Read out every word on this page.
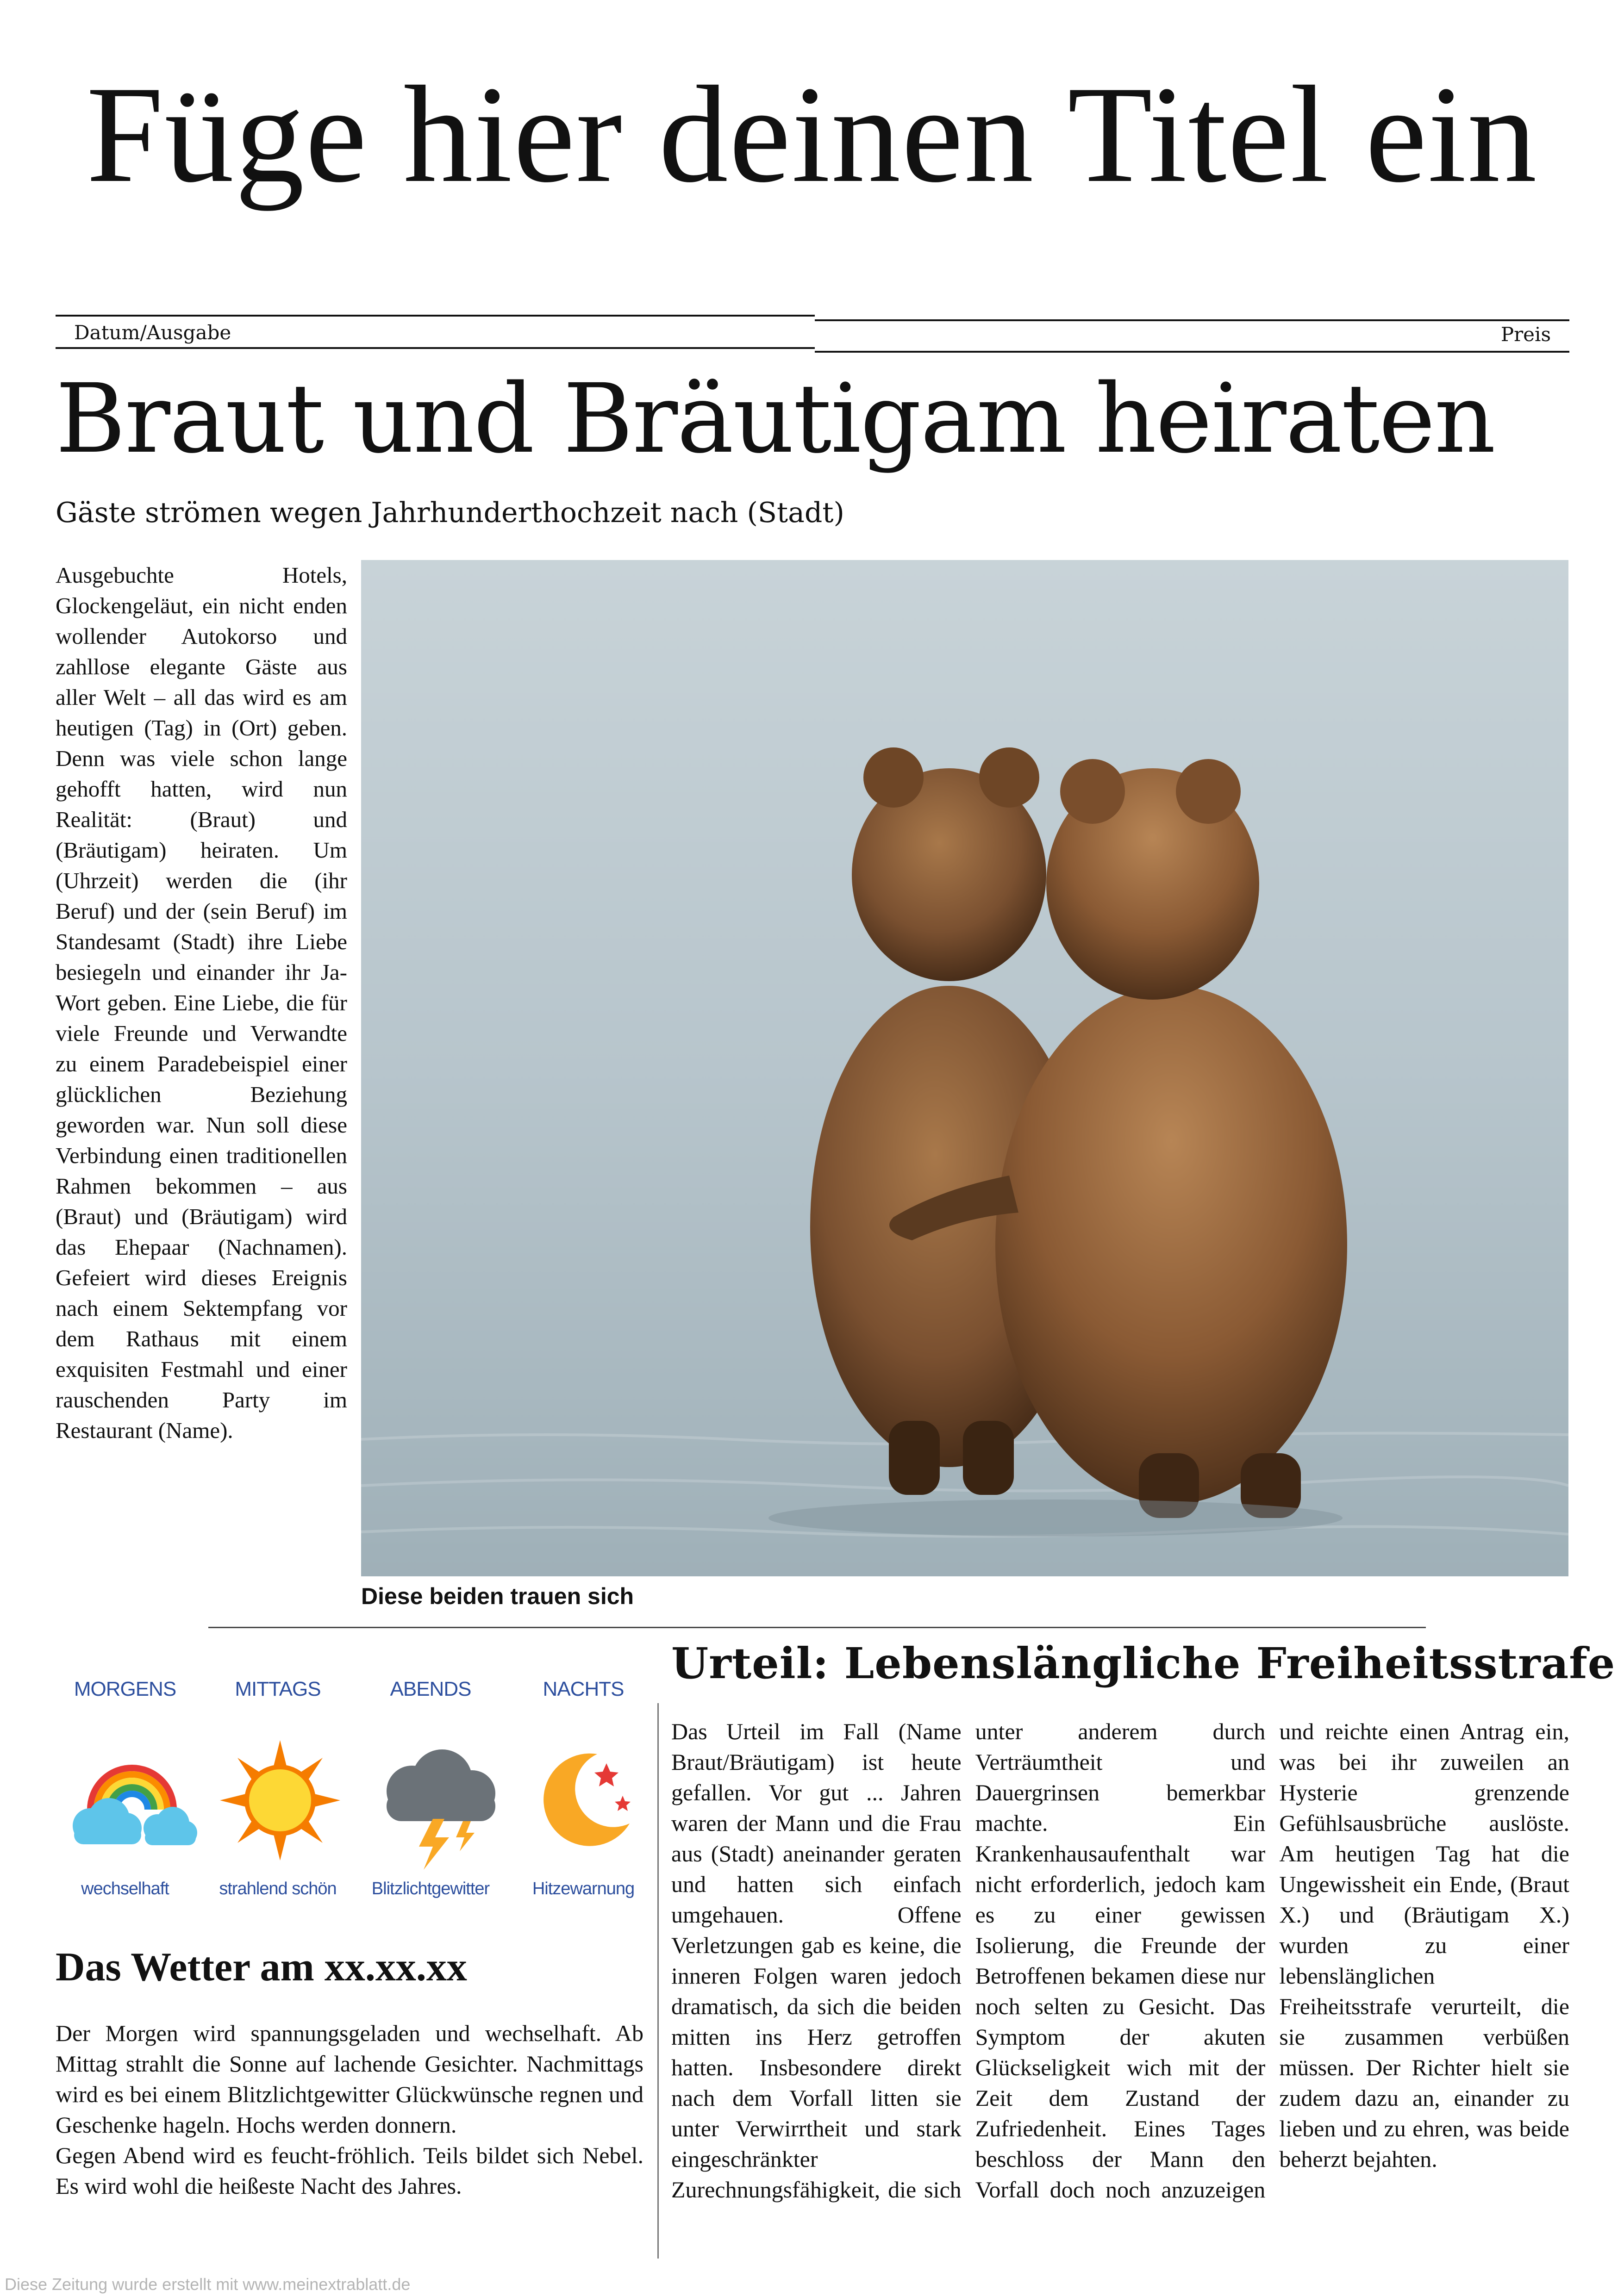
Füge hier deinen Titel ein
Datum/Ausgabe	Preis
Braut und Bräutigam heiraten
Gäste strömen wegen Jahrhunderthochzeit nach (Stadt)
Ausgebuchte Hotels, Glockengeläut, ein nicht enden wollender Autokorso und zahllose elegante Gäste aus aller Welt – all das wird es am heutigen (Tag) in (Ort) geben. Denn was viele schon lange gehofft hatten, wird nun Realität: (Braut) und (Bräutigam) heiraten. Um (Uhrzeit) werden die (ihr Beruf) und der (sein Beruf) im Standesamt (Stadt) ihre Liebe besiegeln und einander ihr Ja-Wort geben. Eine Liebe, die für viele Freunde und Verwandte zu einem Paradebeispiel einer glücklichen Beziehung geworden war. Nun soll diese Verbindung einen traditionellen Rahmen bekommen – aus (Braut) und (Bräutigam) wird das Ehepaar (Nachnamen). Gefeiert wird dieses Ereignis nach einem Sektempfang vor dem Rathaus mit einem exquisiten Festmahl und einer rauschenden Party im Restaurant (Name).
Diese beiden trauen sich
MORGENS
wechselhaft
MITTAGS
strahlend schön
ABENDS
Blitzlichtgewitter
NACHTS
Hitzewarnung
Das Wetter am xx.xx.xx
Der Morgen wird spannungsgeladen und wechselhaft. Ab Mittag strahlt die Sonne auf lachende Gesichter. Nachmittags wird es bei einem Blitzlichtgewitter Glückwünsche regnen und Geschenke hageln. Hochs werden donnern.
Gegen Abend wird es feucht-fröhlich. Teils bildet sich Nebel. Es wird wohl die heißeste Nacht des Jahres.
Urteil: Lebenslängliche Freiheitsstrafe
Das Urteil im Fall (Name Braut/Bräutigam) ist heute gefallen. Vor gut ... Jahren waren der Mann und die Frau aus (Stadt) aneinander geraten und hatten sich einfach umgehauen. Offene Verletzungen gab es keine, die inneren Folgen waren jedoch dramatisch, da sich die beiden mitten ins Herz getroffen hatten. Insbesondere direkt nach dem Vorfall litten sie unter Verwirrtheit und stark eingeschränkter Zurechnungsfähigkeit, die sich unter anderem durch Verträumtheit und Dauergrinsen bemerkbar machte. Ein Krankenhausaufenthalt war nicht erforderlich, jedoch kam es zu einer gewissen Isolierung, die Freunde der Betroffenen bekamen diese nur noch selten zu Gesicht. Das Symptom der akuten Glückseligkeit wich mit der Zeit dem Zustand der Zufriedenheit. Eines Tages beschloss der Mann den Vorfall doch noch anzuzeigen und reichte einen Antrag ein, was bei ihr zuweilen an Hysterie grenzende Gefühlsausbrüche auslöste. Am heutigen Tag hat die Ungewissheit ein Ende, (Braut X.) und (Bräutigam X.) wurden zu einer lebenslänglichen Freiheitsstrafe verurteilt, die sie zusammen verbüßen müssen. Der Richter hielt sie zudem dazu an, einander zu lieben und zu ehren, was beide beherzt bejahten.
Diese Zeitung wurde erstellt mit www.meinextrablatt.de
